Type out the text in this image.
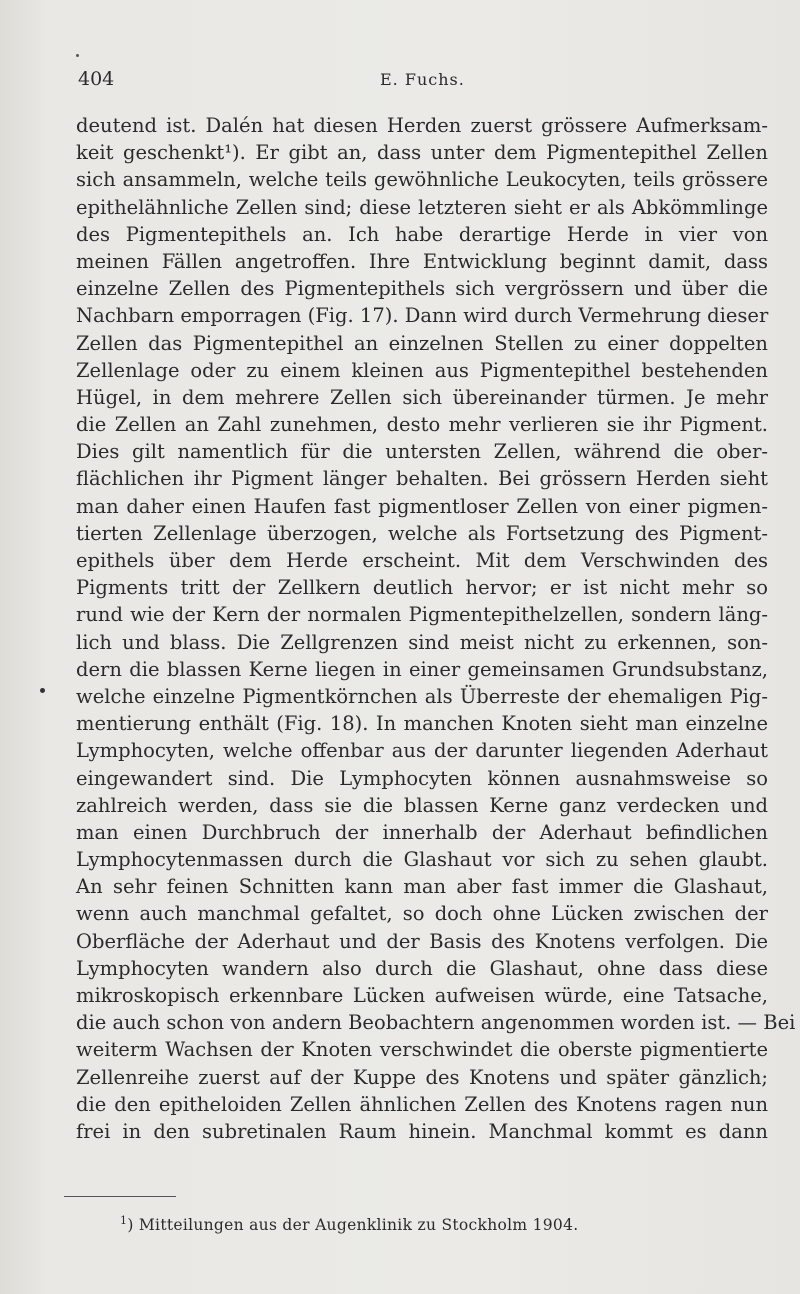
404	E. Fuchs.
deutend ist. Dalén hat diesen Herden zuerst grössere Aufmerksam-
keit geschenkt¹). Er gibt an, dass unter dem Pigmentepithel Zellen
sich ansammeln, welche teils gewöhnliche Leukocyten, teils grössere
epithelähnliche Zellen sind; diese letzteren sieht er als Abkömmlinge
des Pigmentepithels an. Ich habe derartige Herde in vier von
meinen Fällen angetroffen. Ihre Entwicklung beginnt damit, dass
einzelne Zellen des Pigmentepithels sich vergrössern und über die
Nachbarn emporragen (Fig. 17). Dann wird durch Vermehrung dieser
Zellen das Pigmentepithel an einzelnen Stellen zu einer doppelten
Zellenlage oder zu einem kleinen aus Pigmentepithel bestehenden
Hügel, in dem mehrere Zellen sich übereinander türmen. Je mehr
die Zellen an Zahl zunehmen, desto mehr verlieren sie ihr Pigment.
Dies gilt namentlich für die untersten Zellen, während die ober-
flächlichen ihr Pigment länger behalten. Bei grössern Herden sieht
man daher einen Haufen fast pigmentloser Zellen von einer pigmen-
tierten Zellenlage überzogen, welche als Fortsetzung des Pigment-
epithels über dem Herde erscheint. Mit dem Verschwinden des
Pigments tritt der Zellkern deutlich hervor; er ist nicht mehr so
rund wie der Kern der normalen Pigmentepithelzellen, sondern läng-
lich und blass. Die Zellgrenzen sind meist nicht zu erkennen, son-
dern die blassen Kerne liegen in einer gemeinsamen Grundsubstanz,
welche einzelne Pigmentkörnchen als Überreste der ehemaligen Pig-
mentierung enthält (Fig. 18). In manchen Knoten sieht man einzelne
Lymphocyten, welche offenbar aus der darunter liegenden Aderhaut
eingewandert sind. Die Lymphocyten können ausnahmsweise so
zahlreich werden, dass sie die blassen Kerne ganz verdecken und
man einen Durchbruch der innerhalb der Aderhaut befindlichen
Lymphocytenmassen durch die Glashaut vor sich zu sehen glaubt.
An sehr feinen Schnitten kann man aber fast immer die Glashaut,
wenn auch manchmal gefaltet, so doch ohne Lücken zwischen der
Oberfläche der Aderhaut und der Basis des Knotens verfolgen. Die
Lymphocyten wandern also durch die Glashaut, ohne dass diese
mikroskopisch erkennbare Lücken aufweisen würde, eine Tatsache,
die auch schon von andern Beobachtern angenommen worden ist. — Bei
weiterm Wachsen der Knoten verschwindet die oberste pigmentierte
Zellenreihe zuerst auf der Kuppe des Knotens und später gänzlich;
die den epitheloiden Zellen ähnlichen Zellen des Knotens ragen nun
frei in den subretinalen Raum hinein. Manchmal kommt es dann
$^1$) Mitteilungen aus der Augenklinik zu Stockholm 1904.
